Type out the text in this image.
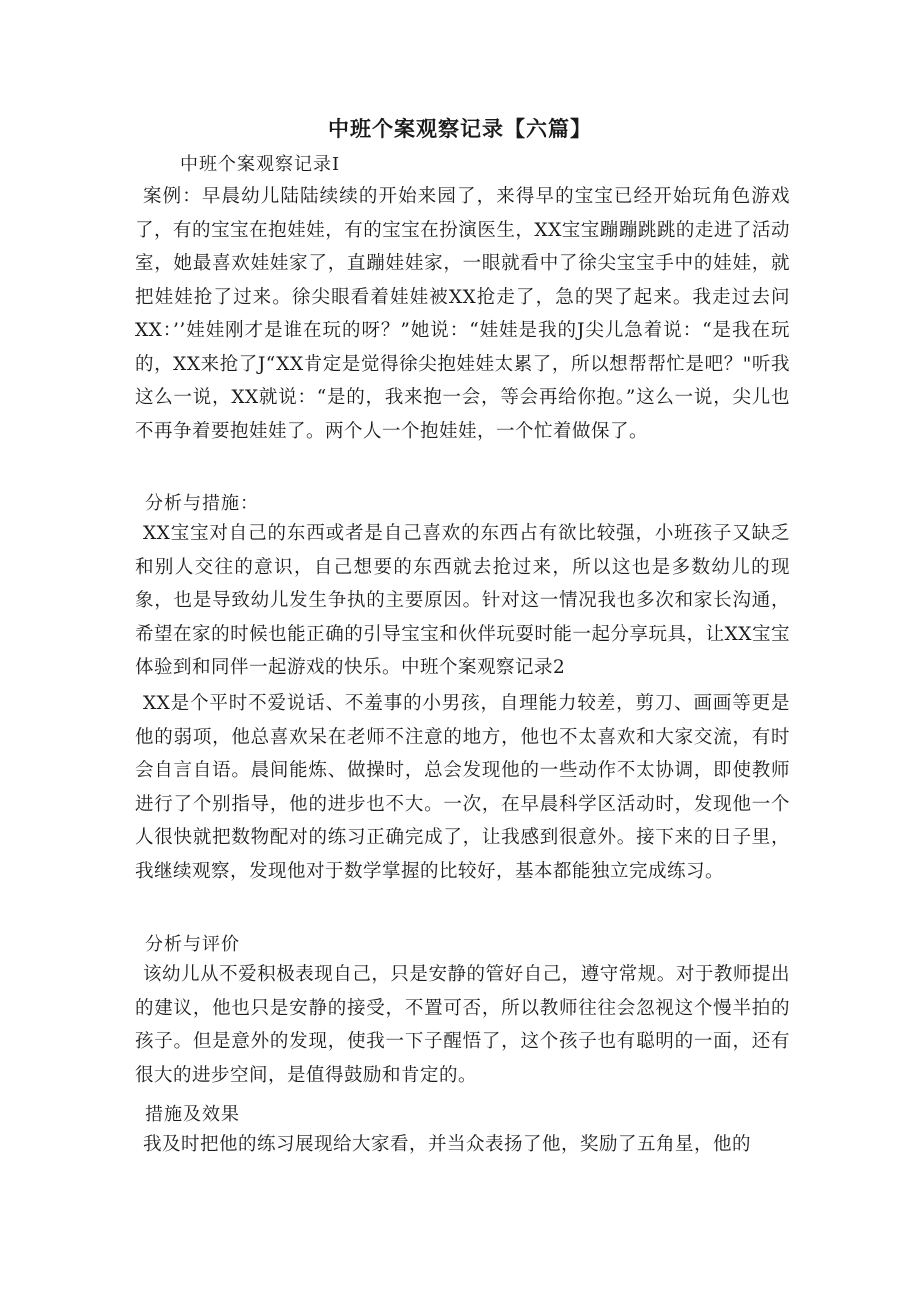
中班个案观察记录【六篇】
中班个案观察记录I

案例：早晨幼儿陆陆续续的开始来园了，来得早的宝宝已经开始玩角色游戏了，有的宝宝在抱娃娃，有的宝宝在扮演医生，XX宝宝蹦蹦跳跳的走进了活动室，她最喜欢娃娃家了，直蹦娃娃家，一眼就看中了徐尖宝宝手中的娃娃，就把娃娃抢了过来。徐尖眼看着娃娃被XX抢走了，急的哭了起来。我走过去问XX：’’娃娃刚才是谁在玩的呀？”她说：“娃娃是我的J尖儿急着说：“是我在玩的，XX来抢了J“XX肯定是觉得徐尖抱娃娃太累了，所以想帮帮忙是吧？"听我这么一说，XX就说：“是的，我来抱一会，等会再给你抱。”这么一说，尖儿也不再争着要抱娃娃了。两个人一个抱娃娃，一个忙着做保了。

分析与措施：

XX宝宝对自己的东西或者是自己喜欢的东西占有欲比较强，小班孩子又缺乏和别人交往的意识，自己想要的东西就去抢过来，所以这也是多数幼儿的现象，也是导致幼儿发生争执的主要原因。针对这一情况我也多次和家长沟通，希望在家的时候也能正确的引导宝宝和伙伴玩耍时能一起分享玩具，让XX宝宝体验到和同伴一起游戏的快乐。中班个案观察记录2

XX是个平时不爱说话、不羞事的小男孩，自理能力较差，剪刀、画画等更是他的弱项，他总喜欢呆在老师不注意的地方，他也不太喜欢和大家交流，有时会自言自语。晨间能炼、做操时，总会发现他的一些动作不太协调，即使教师进行了个别指导，他的进步也不大。一次，在早晨科学区活动时，发现他一个人很快就把数物配对的练习正确完成了，让我感到很意外。接下来的日子里，我继续观察，发现他对于数学掌握的比较好，基本都能独立完成练习。

分析与评价

该幼儿从不爱积极表现自己，只是安静的管好自己，遵守常规。对于教师提出的建议，他也只是安静的接受，不置可否，所以教师往往会忽视这个慢半拍的孩子。但是意外的发现，使我一下子醒悟了，这个孩子也有聪明的一面，还有很大的进步空间，是值得鼓励和肯定的。

措施及效果

我及时把他的练习展现给大家看，并当众表扬了他，奖励了五角星，他的
